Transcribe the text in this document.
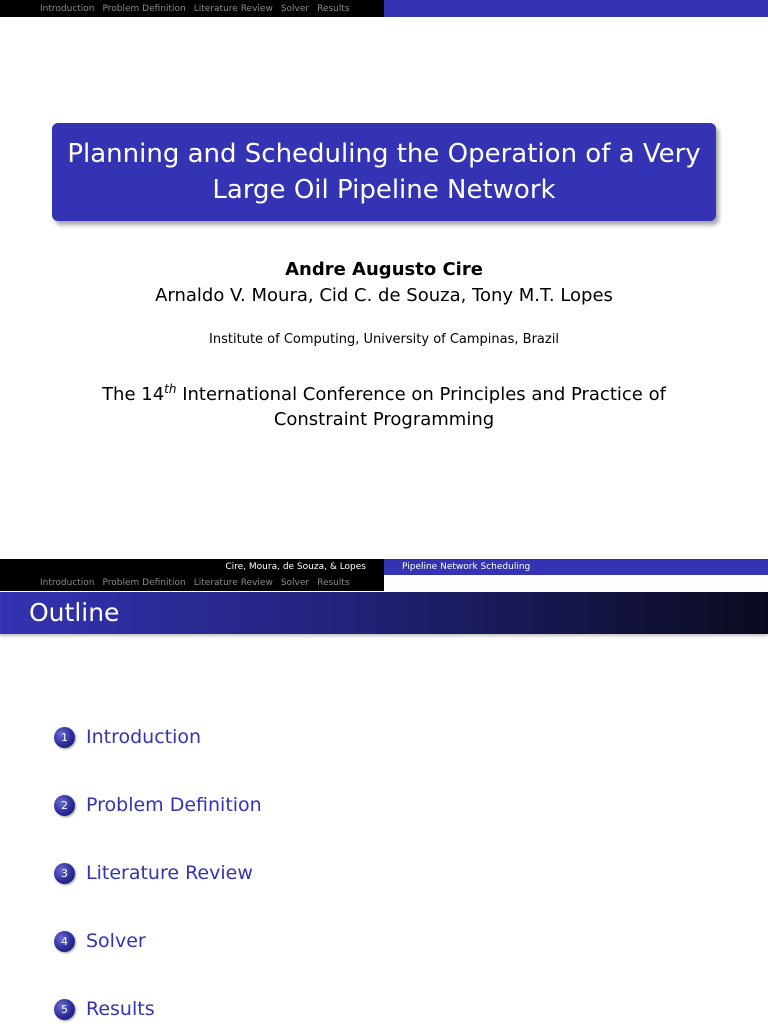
Introduction Problem Definition Literature Review Solver Results
Planning and Scheduling the Operation of a Very
Large Oil Pipeline Network
Andre Augusto Cire
Arnaldo V. Moura, Cid C. de Souza, Tony M.T. Lopes
Institute of Computing, University of Campinas, Brazil
The 14th International Conference on Principles and Practice of
Constraint Programming
Cire, Moura, de Souza, & Lopes	Pipeline Network Scheduling
Introduction Problem Definition Literature Review Solver Results
Outline
1 Introduction
2 Problem Definition
3 Literature Review
4 Solver
5 Results
